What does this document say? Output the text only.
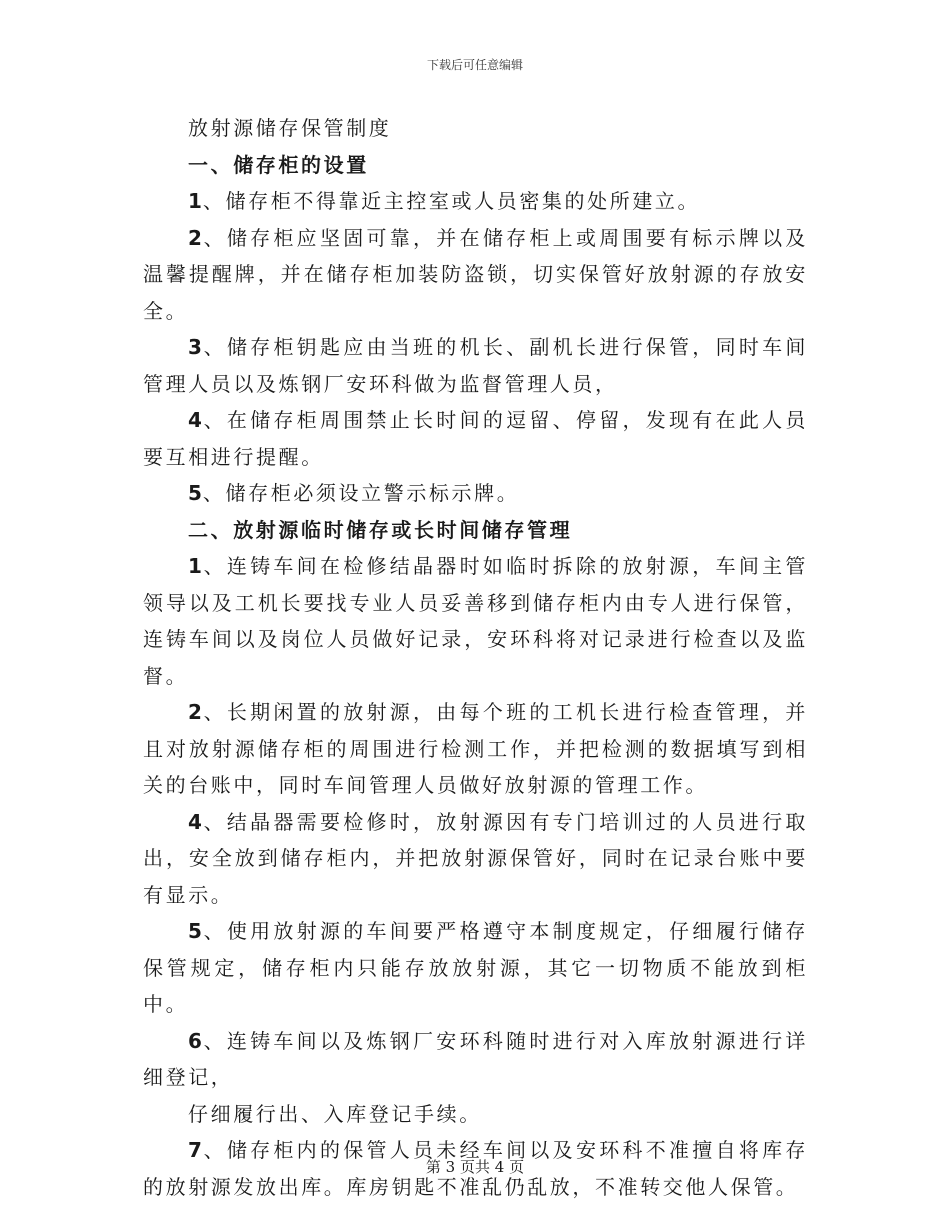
下载后可任意编辑

放射源储存保管制度

一、储存柜的设置

1、储存柜不得靠近主控室或人员密集的处所建立。

2、储存柜应坚固可靠，并在储存柜上或周围要有标示牌以及温馨提醒牌，并在储存柜加装防盗锁，切实保管好放射源的存放安全。

3、储存柜钥匙应由当班的机长、副机长进行保管，同时车间管理人员以及炼钢厂安环科做为监督管理人员，

4、在储存柜周围禁止长时间的逗留、停留，发现有在此人员要互相进行提醒。

5、储存柜必须设立警示标示牌。

二、放射源临时储存或长时间储存管理

1、连铸车间在检修结晶器时如临时拆除的放射源，车间主管领导以及工机长要找专业人员妥善移到储存柜内由专人进行保管，连铸车间以及岗位人员做好记录，安环科将对记录进行检查以及监督。

2、长期闲置的放射源，由每个班的工机长进行检查管理，并且对放射源储存柜的周围进行检测工作，并把检测的数据填写到相关的台账中，同时车间管理人员做好放射源的管理工作。

4、结晶器需要检修时，放射源因有专门培训过的人员进行取出，安全放到储存柜内，并把放射源保管好，同时在记录台账中要有显示。

5、使用放射源的车间要严格遵守本制度规定，仔细履行储存保管规定，储存柜内只能存放放射源，其它一切物质不能放到柜中。

6、连铸车间以及炼钢厂安环科随时进行对入库放射源进行详细登记，

仔细履行出、入库登记手续。

7、储存柜内的保管人员未经车间以及安环科不准擅自将库存的放射源发放出库。库房钥匙不准乱仍乱放，不准转交他人保管。

第 3 页共 4 页
